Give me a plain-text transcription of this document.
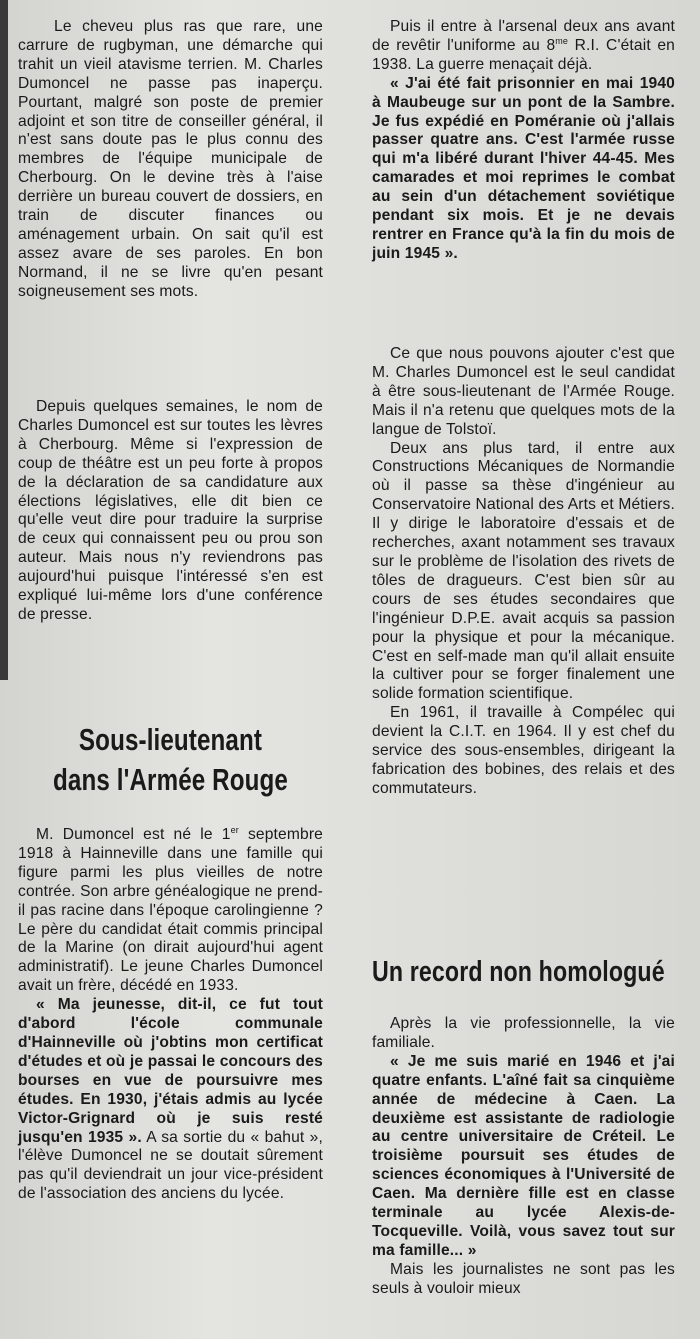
Le cheveu plus ras que rare, une carrure de rugbyman, une démarche qui trahit un vieil atavisme terrien. M. Charles Dumoncel ne passe pas inaperçu. Pourtant, malgré son poste de premier adjoint et son titre de conseiller général, il n'est sans doute pas le plus connu des membres de l'équipe municipale de Cherbourg. On le devine très à l'aise derrière un bureau couvert de dossiers, en train de discuter finances ou aménagement urbain. On sait qu'il est assez avare de ses paroles. En bon Normand, il ne se livre qu'en pesant soigneusement ses mots.

Depuis quelques semaines, le nom de Charles Dumoncel est sur toutes les lèvres à Cherbourg. Même si l'expression de coup de théâtre est un peu forte à propos de la déclaration de sa candidature aux élections législatives, elle dit bien ce qu'elle veut dire pour traduire la surprise de ceux qui connaissent peu ou prou son auteur. Mais nous n'y reviendrons pas aujourd'hui puisque l'intéressé s'en est expliqué lui-même lors d'une conférence de presse.

Sous-lieutenant
dans l'Armée Rouge

M. Dumoncel est né le 1er septembre 1918 à Hainneville dans une famille qui figure parmi les plus vieilles de notre contrée. Son arbre généalogique ne prend-il pas racine dans l'époque carolingienne ? Le père du candidat était commis principal de la Marine (on dirait aujourd'hui agent administratif). Le jeune Charles Dumoncel avait un frère, décédé en 1933.

« Ma jeunesse, dit-il, ce fut tout d'abord l'école communale d'Hainneville où j'obtins mon certificat d'études et où je passai le concours des bourses en vue de poursuivre mes études. En 1930, j'étais admis au lycée Victor-Grignard où je suis resté jusqu'en 1935 ». A sa sortie du « bahut », l'élève Dumoncel ne se doutait sûrement pas qu'il deviendrait un jour vice-président de l'association des anciens du lycée.

Puis il entre à l'arsenal deux ans avant de revêtir l'uniforme au $8^{me}$ R.I. C'était en 1938. La guerre menaçait déjà.

« J'ai été fait prisonnier en mai 1940 à Maubeuge sur un pont de la Sambre. Je fus expédié en Poméranie où j'allais passer quatre ans. C'est l'armée russe qui m'a libéré durant l'hiver 44-45. Mes camarades et moi reprimes le combat au sein d'un détachement soviétique pendant six mois. Et je ne devais rentrer en France qu'à la fin du mois de juin 1945 ».

Ce que nous pouvons ajouter c'est que M. Charles Dumoncel est le seul candidat à être sous-lieutenant de l'Armée Rouge. Mais il n'a retenu que quelques mots de la langue de Tolstoï.

Deux ans plus tard, il entre aux Constructions Mécaniques de Normandie où il passe sa thèse d'ingénieur au Conservatoire National des Arts et Métiers. Il y dirige le laboratoire d'essais et de recherches, axant notamment ses travaux sur le problème de l'isolation des rivets de tôles de dragueurs. C'est bien sûr au cours de ses études secondaires que l'ingénieur D.P.E. avait acquis sa passion pour la physique et pour la mécanique. C'est en self-made man qu'il allait ensuite la cultiver pour se forger finalement une solide formation scientifique.

En 1961, il travaille à Compélec qui devient la C.I.T. en 1964. Il y est chef du service des sous-ensembles, dirigeant la fabrication des bobines, des relais et des commutateurs.

Un record non homologué

Après la vie professionnelle, la vie familiale.

« Je me suis marié en 1946 et j'ai quatre enfants. L'aîné fait sa cinquième année de médecine à Caen. La deuxième est assistante de radiologie au centre universitaire de Créteil. Le troisième poursuit ses études de sciences économiques à l'Université de Caen. Ma dernière fille est en classe terminale au lycée Alexis-de-Tocqueville. Voilà, vous savez tout sur ma famille... »

Mais les journalistes ne sont pas les seuls à vouloir mieux
